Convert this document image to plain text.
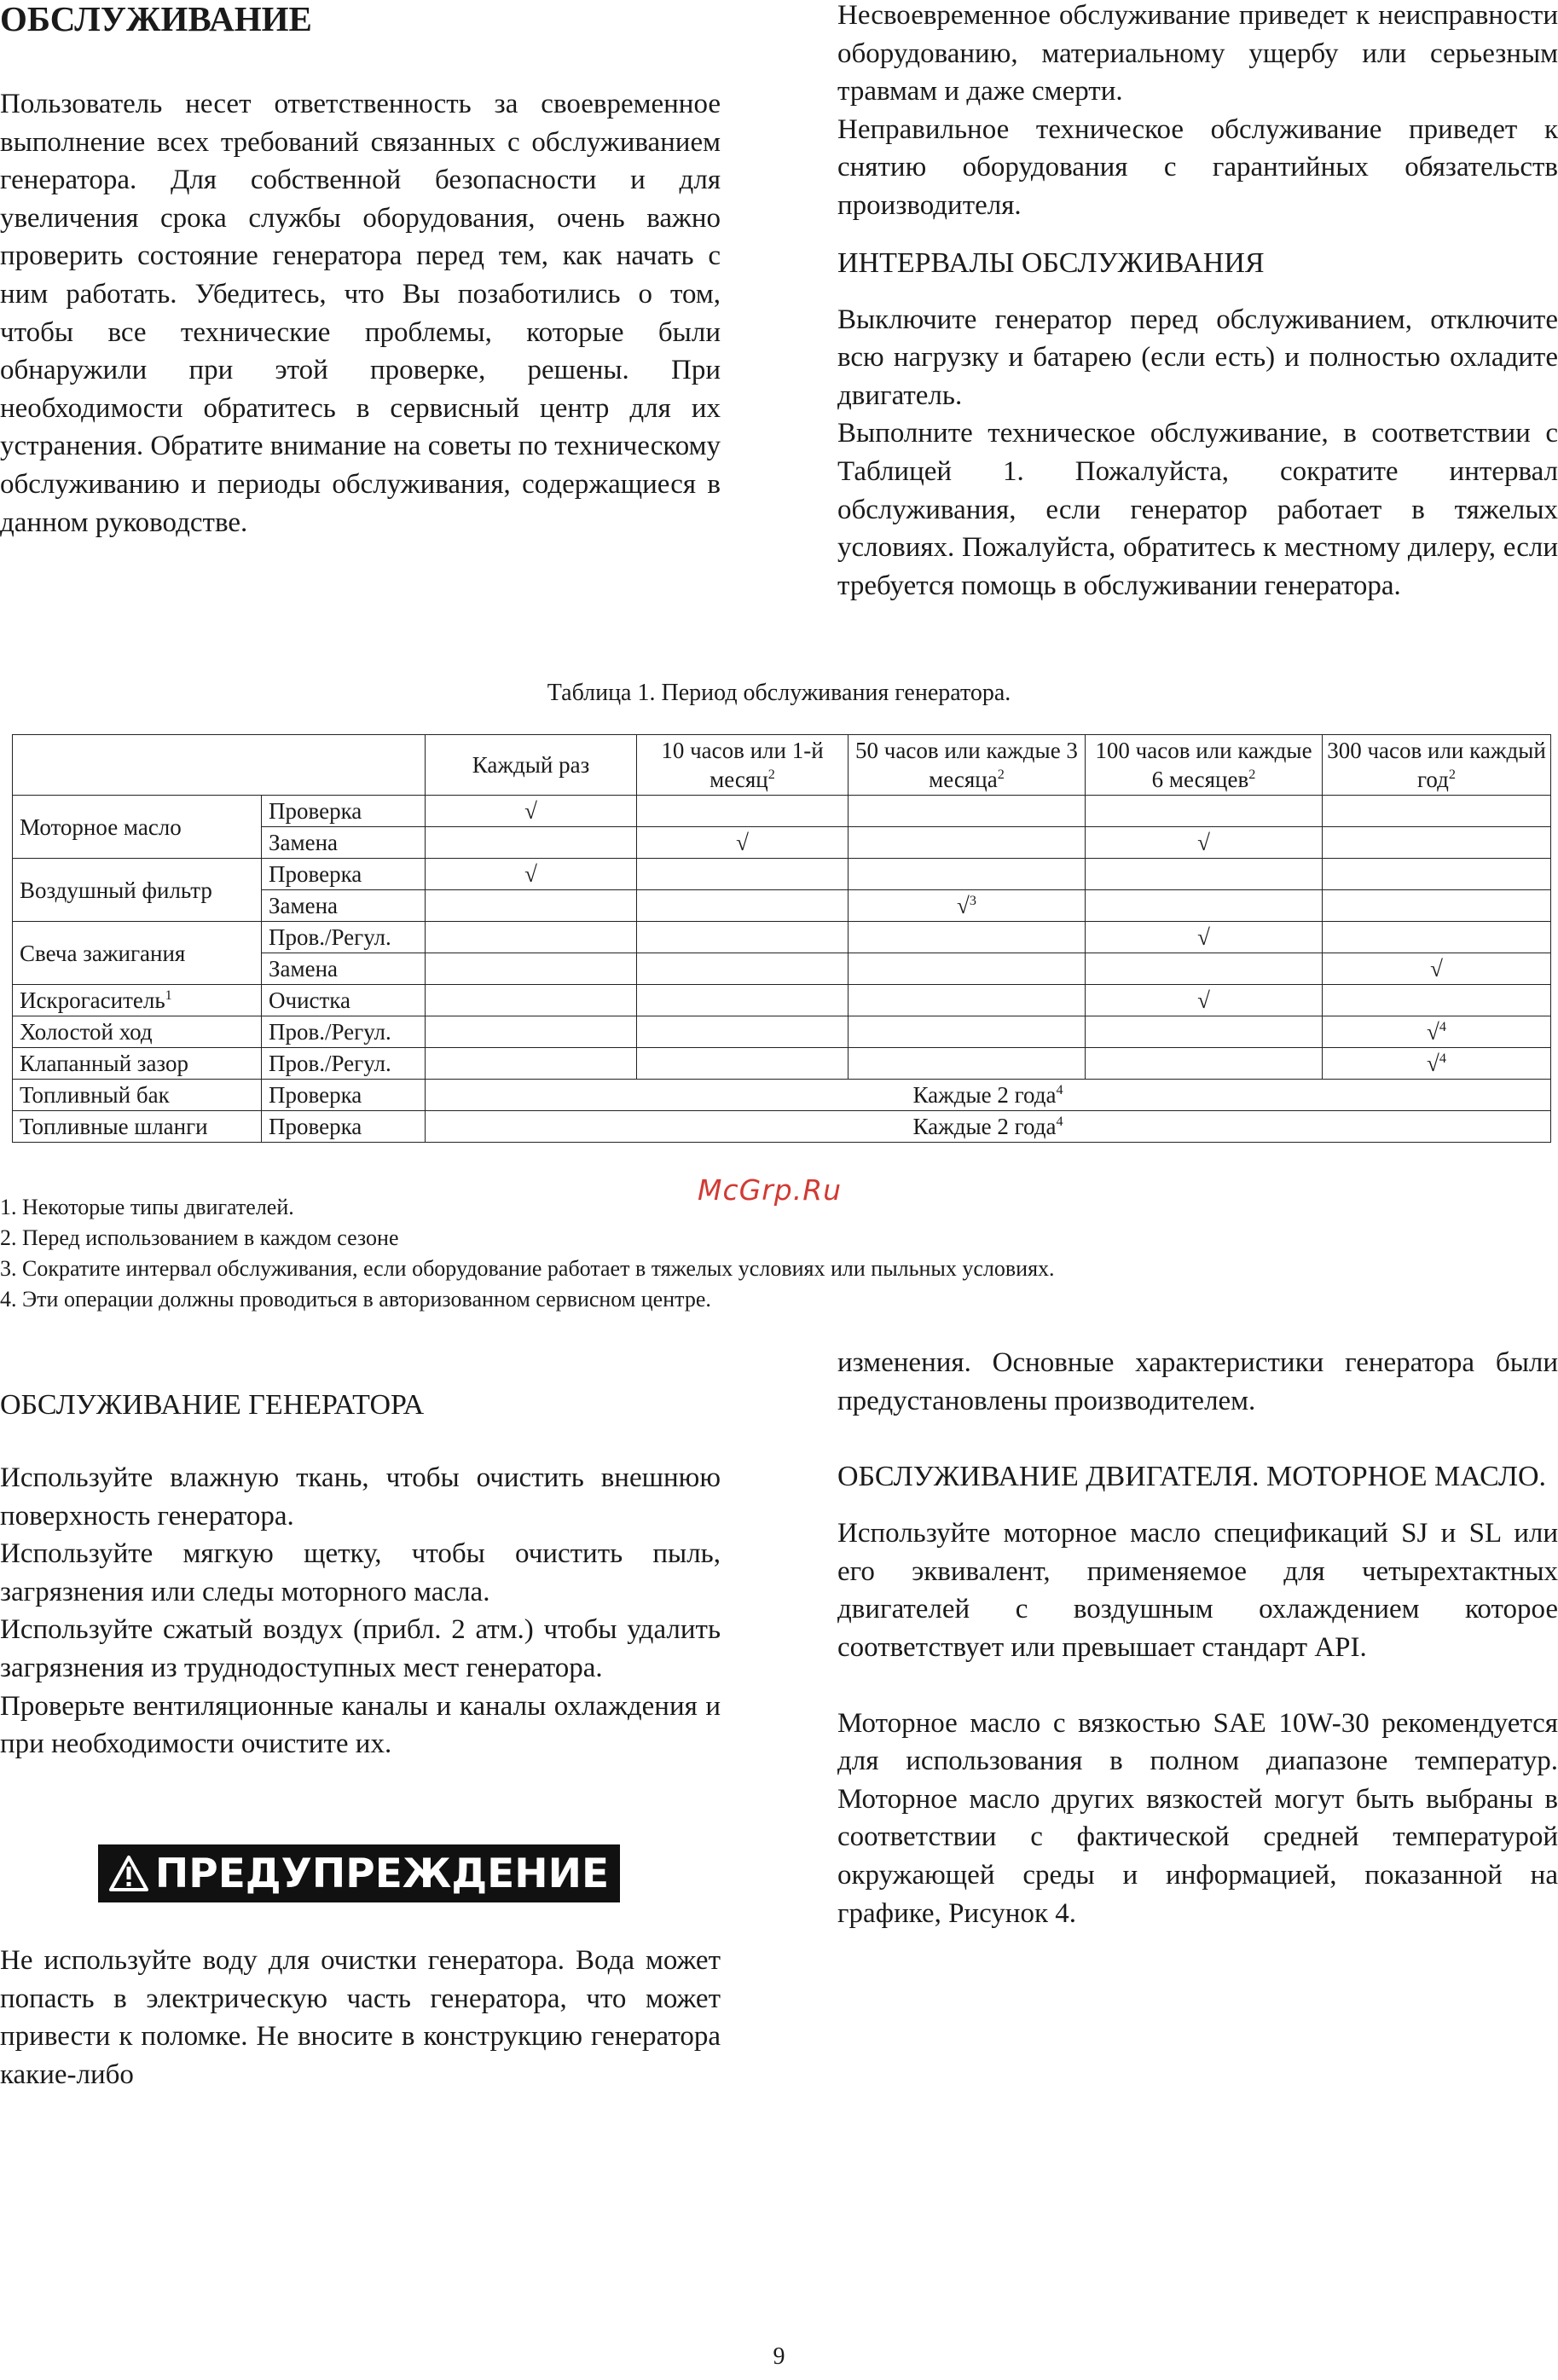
ОБСЛУЖИВАНИЕ

Пользователь несет ответственность за своевременное выполнение всех требований связанных с обслуживанием генератора. Для собственной безопасности и для увеличения срока службы оборудования, очень важно проверить состояние генератора перед тем, как начать с ним работать. Убедитесь, что Вы позаботились о том, чтобы все технические проблемы, которые были обнаружили при этой проверке, решены. При необходимости обратитесь в сервисный центр для их устранения. Обратите внимание на советы по техническому обслуживанию и периоды обслуживания, содержащиеся в данном руководстве.

Несвоевременное обслуживание приведет к неисправности оборудованию, материальному ущербу или серьезным травмам и даже смерти.

Неправильное техническое обслуживание приведет к снятию оборудования с гарантийных обязательств производителя.

ИНТЕРВАЛЫ ОБСЛУЖИВАНИЯ

Выключите генератор перед обслуживанием, отключите всю нагрузку и батарею (если есть) и полностью охладите двигатель.

Выполните техническое обслуживание, в соответствии с Таблицей 1. Пожалуйста, сократите интервал обслуживания, если генератор работает в тяжелых условиях. Пожалуйста, обратитесь к местному дилеру, если требуется помощь в обслуживании генератора.

Таблица 1. Период обслуживания генератора.
		Каждый раз	10 часов или 1-й месяц$^2$	50 часов или каждые 3 месяца$^2$	100 часов или каждые 6 месяцев$^2$	300 часов или каждый год$^2$
Моторное масло	Проверка	√				
	Замена		√		√	
Воздушный фильтр	Проверка	√				
	Замена			√$^3$		
Свеча зажигания	Пров./Регул.				√	
	Замена					√
Искрогаситель$^1$	Очистка				√	
Холостой ход	Пров./Регул.					√$^4$
Клапанный зазор	Пров./Регул.					√$^4$
Топливный бак	Проверка	Каждые 2 года$^4$
Топливные шланги	Проверка	Каждые 2 года$^4$
McGrp.Ru
1. Некоторые типы двигателей.
2. Перед использованием в каждом сезоне
3. Сократите интервал обслуживания, если оборудование работает в тяжелых условиях или пыльных условиях.
4. Эти операции должны проводиться в авторизованном сервисном центре.

ОБСЛУЖИВАНИЕ ГЕНЕРАТОРА

Используйте влажную ткань, чтобы очистить внешнюю поверхность генератора.

Используйте мягкую щетку, чтобы очистить пыль, загрязнения или следы моторного масла.

Используйте сжатый воздух (прибл. 2 атм.) чтобы удалить загрязнения из труднодоступных мест генератора.

Проверьте вентиляционные каналы и каналы охлаждения и при необходимости очистите их.

ПРЕДУПРЕЖДЕНИЕ

Не используйте воду для очистки генератора. Вода может попасть в электрическую часть генератора, что может привести к поломке. Не вносите в конструкцию генератора какие-либо

изменения. Основные характеристики генератора были предустановлены производителем.

ОБСЛУЖИВАНИЕ ДВИГАТЕЛЯ. МОТОРНОЕ МАСЛО.

Используйте моторное масло спецификаций SJ и SL или его эквивалент, применяемое для четырехтактных двигателей с воздушным охлаждением которое соответствует или превышает стандарт API.

Моторное масло с вязкостью SAE 10W-30 рекомендуется для использования в полном диапазоне температур. Моторное масло других вязкостей могут быть выбраны в соответствии с фактической средней температурой окружающей среды и информацией, показанной на графике, Рисунок 4.

9
